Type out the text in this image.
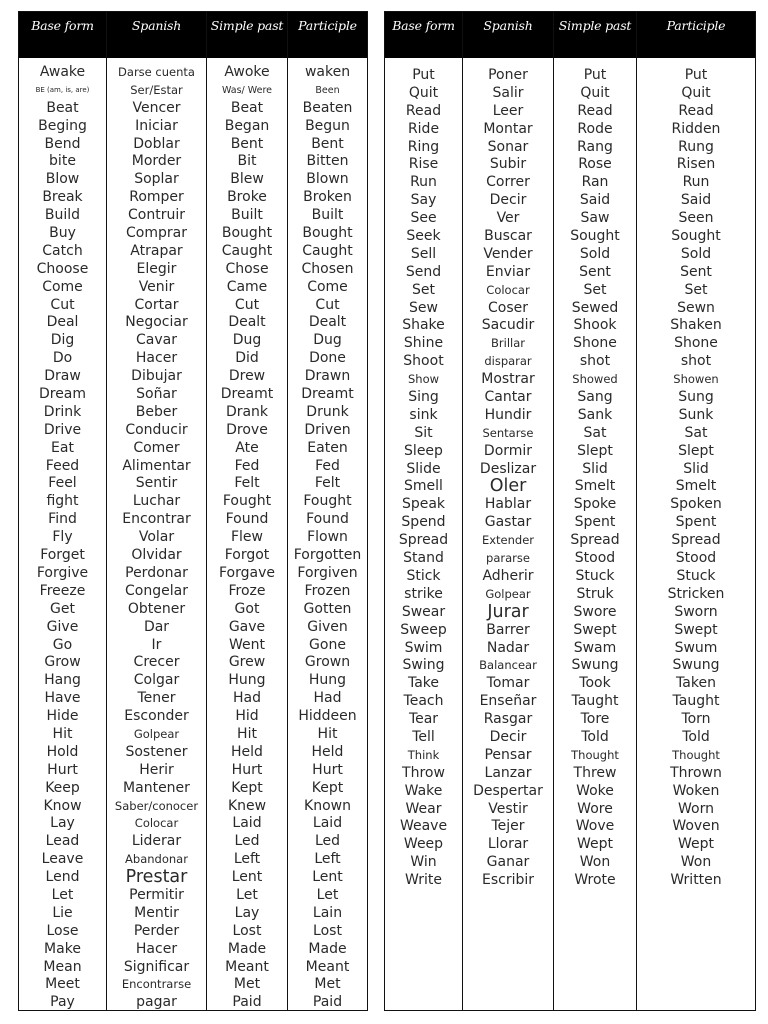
Base form
Awake
BE (am, is, are)
Beat
Beging
Bend
bite
Blow
Break
Build
Buy
Catch
Choose
Come
Cut
Deal
Dig
Do
Draw
Dream
Drink
Drive
Eat
Feed
Feel
fight
Find
Fly
Forget
Forgive
Freeze
Get
Give
Go
Grow
Hang
Have
Hide
Hit
Hold
Hurt
Keep
Know
Lay
Lead
Leave
Lend
Let
Lie
Lose
Make
Mean
Meet
Pay
Spanish
Darse cuenta
Ser/Estar
Vencer
Iniciar
Doblar
Morder
Soplar
Romper
Contruir
Comprar
Atrapar
Elegir
Venir
Cortar
Negociar
Cavar
Hacer
Dibujar
Soñar
Beber
Conducir
Comer
Alimentar
Sentir
Luchar
Encontrar
Volar
Olvidar
Perdonar
Congelar
Obtener
Dar
Ir
Crecer
Colgar
Tener
Esconder
Golpear
Sostener
Herir
Mantener
Saber/conocer
Colocar
Liderar
Abandonar
Prestar
Permitir
Mentir
Perder
Hacer
Significar
Encontrarse
pagar
Simple past
Awoke
Was/ Were
Beat
Began
Bent
Bit
Blew
Broke
Built
Bought
Caught
Chose
Came
Cut
Dealt
Dug
Did
Drew
Dreamt
Drank
Drove
Ate
Fed
Felt
Fought
Found
Flew
Forgot
Forgave
Froze
Got
Gave
Went
Grew
Hung
Had
Hid
Hit
Held
Hurt
Kept
Knew
Laid
Led
Left
Lent
Let
Lay
Lost
Made
Meant
Met
Paid
Participle
waken
Been
Beaten
Begun
Bent
Bitten
Blown
Broken
Built
Bought
Caught
Chosen
Come
Cut
Dealt
Dug
Done
Drawn
Dreamt
Drunk
Driven
Eaten
Fed
Felt
Fought
Found
Flown
Forgotten
Forgiven
Frozen
Gotten
Given
Gone
Grown
Hung
Had
Hiddeen
Hit
Held
Hurt
Kept
Known
Laid
Led
Left
Lent
Let
Lain
Lost
Made
Meant
Met
Paid
Base form
Put
Quit
Read
Ride
Ring
Rise
Run
Say
See
Seek
Sell
Send
Set
Sew
Shake
Shine
Shoot
Show
Sing
sink
Sit
Sleep
Slide
Smell
Speak
Spend
Spread
Stand
Stick
strike
Swear
Sweep
Swim
Swing
Take
Teach
Tear
Tell
Think
Throw
Wake
Wear
Weave
Weep
Win
Write
Spanish
Poner
Salir
Leer
Montar
Sonar
Subir
Correr
Decir
Ver
Buscar
Vender
Enviar
Colocar
Coser
Sacudir
Brillar
disparar
Mostrar
Cantar
Hundir
Sentarse
Dormir
Deslizar
Oler
Hablar
Gastar
Extender
pararse
Adherir
Golpear
Jurar
Barrer
Nadar
Balancear
Tomar
Enseñar
Rasgar
Decir
Pensar
Lanzar
Despertar
Vestir
Tejer
Llorar
Ganar
Escribir
Simple past
Put
Quit
Read
Rode
Rang
Rose
Ran
Said
Saw
Sought
Sold
Sent
Set
Sewed
Shook
Shone
shot
Showed
Sang
Sank
Sat
Slept
Slid
Smelt
Spoke
Spent
Spread
Stood
Stuck
Struk
Swore
Swept
Swam
Swung
Took
Taught
Tore
Told
Thought
Threw
Woke
Wore
Wove
Wept
Won
Wrote
Participle
Put
Quit
Read
Ridden
Rung
Risen
Run
Said
Seen
Sought
Sold
Sent
Set
Sewn
Shaken
Shone
shot
Showen
Sung
Sunk
Sat
Slept
Slid
Smelt
Spoken
Spent
Spread
Stood
Stuck
Stricken
Sworn
Swept
Swum
Swung
Taken
Taught
Torn
Told
Thought
Thrown
Woken
Worn
Woven
Wept
Won
Written
